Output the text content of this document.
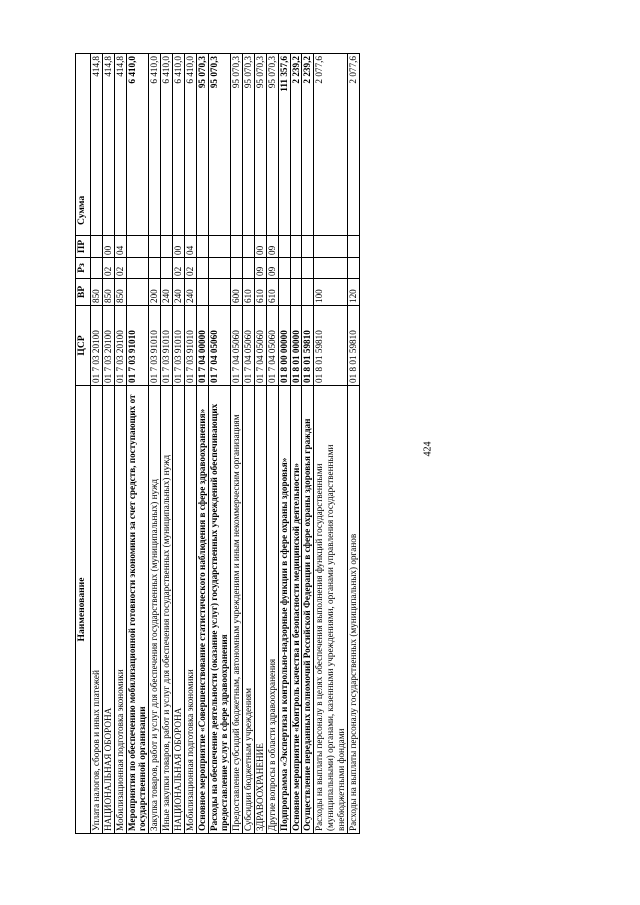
424
Наименование	ЦСР	ВР	Рз	ПР	Сумма
Уплата налогов, сборов и иных платежей	01 7 03 20100	850			414,8
НАЦИОНАЛЬНАЯ ОБОРОНА	01 7 03 20100	850	02	00	414,8
Мобилизационная подготовка экономики	01 7 03 20100	850	02	04	414,8
Мероприятия по обеспечению мобилизационной готовности экономики за счет средств, поступающих от государственной организации	01 7 03 91010				6 410,0
Закупка товаров, работ и услуг для обеспечения государственных (муниципальных) нужд	01 7 03 91010	200			6 410,0
Иные закупки товаров, работ и услуг для обеспечения государственных (муниципальных) нужд	01 7 03 91010	240			6 410,0
НАЦИОНАЛЬНАЯ ОБОРОНА	01 7 03 91010	240	02	00	6 410,0
Мобилизационная подготовка экономики	01 7 03 91010	240	02	04	6 410,0
Основное мероприятие «Совершенствование статистического наблюдения в сфере здравоохранения»	01 7 04 00000				95 070,3
Расходы на обеспечение деятельности (оказание услуг) государственных учреждений обеспечивающих предоставление услуг в сфере здравоохранения	01 7 04 05060				95 070,3
Предоставление субсидий бюджетным, автономным учреждениям и иным некоммерческим организациям	01 7 04 05060	600			95 070,3
Субсидии бюджетным учреждениям	01 7 04 05060	610			95 070,3
ЗДРАВООХРАНЕНИЕ	01 7 04 05060	610	09	00	95 070,3
Другие вопросы в области здравоохранения	01 7 04 05060	610	09	09	95 070,3
Подпрограмма «Экспертиза и контрольно-надзорные функции в сфере охраны здоровья»	01 8 00 00000				111 357,6
Основное мероприятие «Контроль качества и безопасности медицинской деятельности»	01 8 01 00000				2 239,2
Осуществление переданных полномочий Российской Федерации в сфере охраны здоровья граждан	01 8 01 59810				2 239,2
Расходы на выплаты персоналу в целях обеспечения выполнения функций государственными (муниципальными) органами, казенными учреждениями, органами управления государственными внебюджетными фондами	01 8 01 59810	100			2 077,6
Расходы на выплаты персоналу государственных (муниципальных) органов	01 8 01 59810	120			2 077,6
